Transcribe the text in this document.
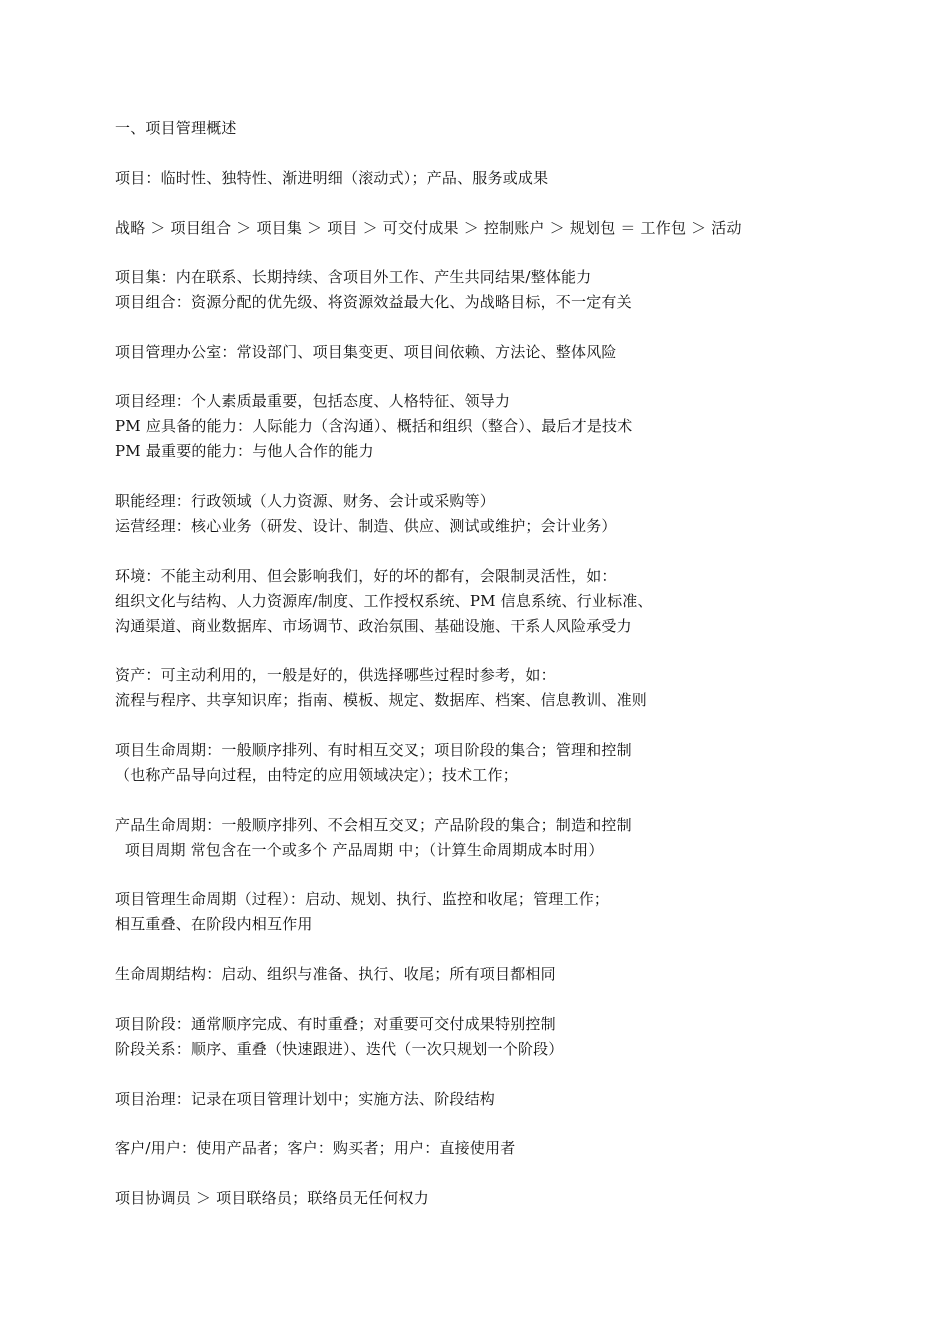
一、项目管理概述
项目：临时性、独特性、渐进明细（滚动式）；产品、服务或成果
战略 ＞ 项目组合 ＞ 项目集 ＞ 项目 ＞ 可交付成果 ＞ 控制账户 ＞ 规划包 ＝ 工作包 ＞ 活动
项目集：内在联系、长期持续、含项目外工作、产生共同结果/整体能力
项目组合：资源分配的优先级、将资源效益最大化、为战略目标，不一定有关
项目管理办公室：常设部门、项目集变更、项目间依赖、方法论、整体风险
项目经理：个人素质最重要，包括态度、人格特征、领导力
PM 应具备的能力：人际能力（含沟通）、概括和组织（整合）、最后才是技术
PM 最重要的能力：与他人合作的能力
职能经理：行政领域（人力资源、财务、会计或采购等）
运营经理：核心业务（研发、设计、制造、供应、测试或维护；会计业务）
环境：不能主动利用、但会影响我们，好的坏的都有，会限制灵活性，如：
组织文化与结构、人力资源库/制度、工作授权系统、PM 信息系统、行业标准、
沟通渠道、商业数据库、市场调节、政治氛围、基础设施、干系人风险承受力
资产：可主动利用的，一般是好的，供选择哪些过程时参考，如：
流程与程序、共享知识库；指南、模板、规定、数据库、档案、信息教训、准则
项目生命周期：一般顺序排列、有时相互交叉；项目阶段的集合；管理和控制
（也称产品导向过程，由特定的应用领域决定）；技术工作；
产品生命周期：一般顺序排列、不会相互交叉；产品阶段的集合；制造和控制
项目周期 常包含在一个或多个 产品周期 中；（计算生命周期成本时用）
项目管理生命周期（过程）：启动、规划、执行、监控和收尾；管理工作；
相互重叠、在阶段内相互作用
生命周期结构：启动、组织与准备、执行、收尾；所有项目都相同
项目阶段：通常顺序完成、有时重叠；对重要可交付成果特别控制
阶段关系：顺序、重叠（快速跟进）、迭代（一次只规划一个阶段）
项目治理：记录在项目管理计划中；实施方法、阶段结构
客户/用户：使用产品者；客户：购买者；用户：直接使用者
项目协调员 ＞ 项目联络员；联络员无任何权力
